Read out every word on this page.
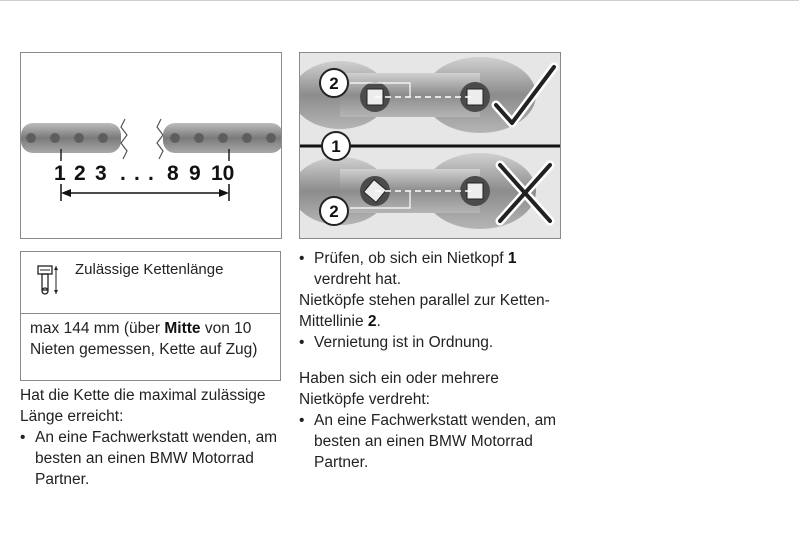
1 2 3 . . . 8 9 10
2
1
2
Zulässige Kettenlänge
max 144 mm (über Mitte von 10 Nieten gemessen, Kette auf Zug)
Hat die Kette die maximal zulässige Länge erreicht:
• An eine Fachwerkstatt wenden, am besten an einen BMW Motorrad Partner.
• Prüfen, ob sich ein Nietkopf 1 verdreht hat.
Nietköpfe stehen parallel zur Ketten-Mittellinie 2.
• Vernietung ist in Ordnung.
Haben sich ein oder mehrere Nietköpfe verdreht:
• An eine Fachwerkstatt wenden, am besten an einen BMW Motorrad Partner.
